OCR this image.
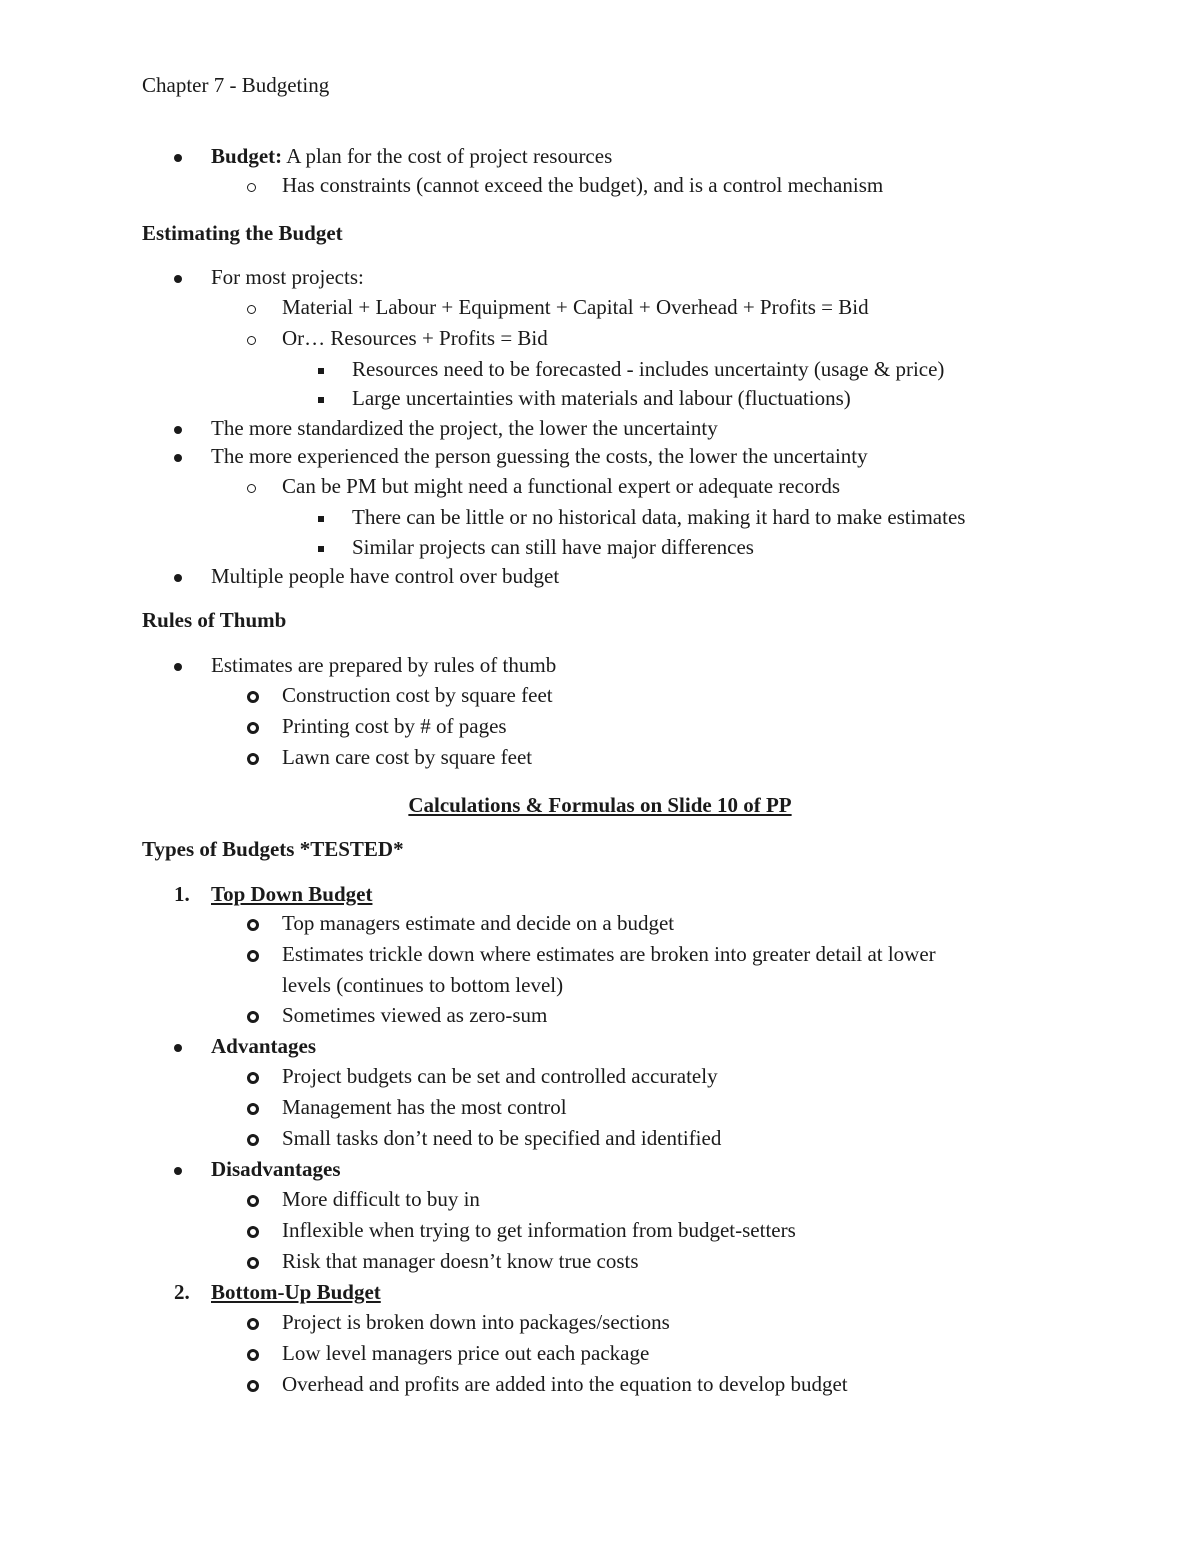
Chapter 7 - Budgeting
Budget: A plan for the cost of project resources
Has constraints (cannot exceed the budget), and is a control mechanism
Estimating the Budget
For most projects:
Material + Labour + Equipment + Capital + Overhead + Profits = Bid
Or… Resources + Profits = Bid
Resources need to be forecasted - includes uncertainty (usage & price)
Large uncertainties with materials and labour (fluctuations)
The more standardized the project, the lower the uncertainty
The more experienced the person guessing the costs, the lower the uncertainty
Can be PM but might need a functional expert or adequate records
There can be little or no historical data, making it hard to make estimates
Similar projects can still have major differences
Multiple people have control over budget
Rules of Thumb
Estimates are prepared by rules of thumb
Construction cost by square feet
Printing cost by # of pages
Lawn care cost by square feet
Calculations & Formulas on Slide 10 of PP
Types of Budgets *TESTED*
1. Top Down Budget
Top managers estimate and decide on a budget
Estimates trickle down where estimates are broken into greater detail at lower
levels (continues to bottom level)
Sometimes viewed as zero-sum
Advantages
Project budgets can be set and controlled accurately
Management has the most control
Small tasks don’t need to be specified and identified
Disadvantages
More difficult to buy in
Inflexible when trying to get information from budget-setters
Risk that manager doesn’t know true costs
2. Bottom-Up Budget
Project is broken down into packages/sections
Low level managers price out each package
Overhead and profits are added into the equation to develop budget
